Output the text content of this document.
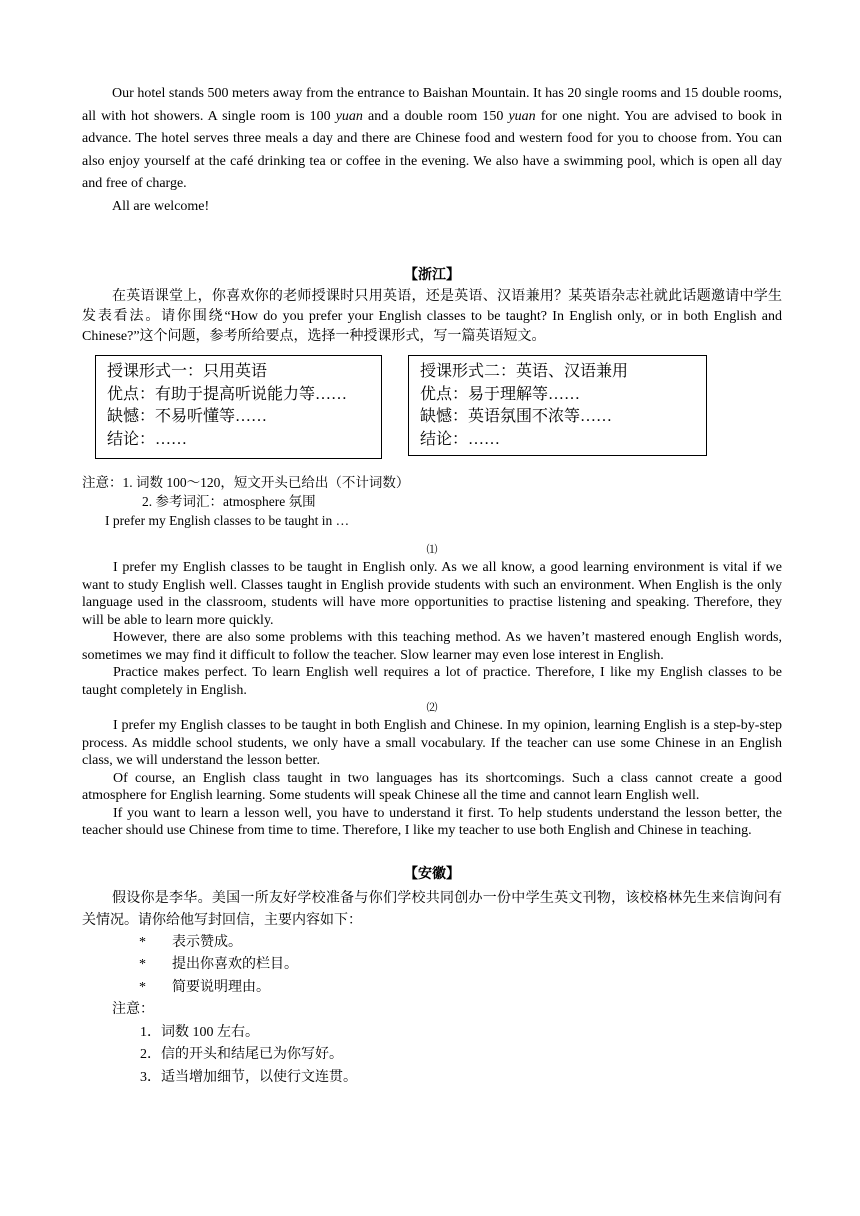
Our hotel stands 500 meters away from the entrance to Baishan Mountain. It has 20 single rooms and 15 double rooms, all with hot showers. A single room is 100 yuan and a double room 150 yuan for one night. You are advised to book in advance. The hotel serves three meals a day and there are Chinese food and western food for you to choose from. You can also enjoy yourself at the café drinking tea or coffee in the evening. We also have a swimming pool, which is open all day and free of charge.

All are welcome!

【浙江】

在英语课堂上，你喜欢你的老师授课时只用英语，还是英语、汉语兼用？某英语杂志社就此话题邀请中学生发表看法。请你围绕“How do you prefer your English classes to be taught? In English only, or in both English and Chinese?”这个问题，参考所给要点，选择一种授课形式，写一篇英语短文。

授课形式一：只用英语
优点：有助于提高听说能力等……
缺憾：不易听懂等……
结论：……
授课形式二：英语、汉语兼用
优点：易于理解等……
缺憾：英语氛围不浓等……
结论：……

注意：1. 词数 100～120，短文开头已给出（不计词数）

2. 参考词汇：atmosphere 氛围

I prefer my English classes to be taught in …

⑴

I prefer my English classes to be taught in English only. As we all know, a good learning environment is vital if we want to study English well. Classes taught in English provide students with such an environment. When English is the only language used in the classroom, students will have more opportunities to practise listening and speaking. Therefore, they will be able to learn more quickly.

However, there are also some problems with this teaching method. As we haven’t mastered enough English words, sometimes we may find it difficult to follow the teacher. Slow learner may even lose interest in English.

Practice makes perfect. To learn English well requires a lot of practice. Therefore, I like my English classes to be taught completely in English.

⑵

I prefer my English classes to be taught in both English and Chinese. In my opinion, learning English is a step-by-step process. As middle school students, we only have a small vocabulary. If the teacher can use some Chinese in an English class, we will understand the lesson better.

Of course, an English class taught in two languages has its shortcomings. Such a class cannot create a good atmosphere for English learning. Some students will speak Chinese all the time and cannot learn English well.

If you want to learn a lesson well, you have to understand it first. To help students understand the lesson better, the teacher should use Chinese from time to time. Therefore, I like my teacher to use both English and Chinese in teaching.

【安徽】

假设你是李华。美国一所友好学校准备与你们学校共同创办一份中学生英文刊物，该校格林先生来信询问有关情况。请你给他写封回信，主要内容如下：

* 表示赞成。

* 提出你喜欢的栏目。

* 简要说明理由。

注意：

1．词数 100 左右。

2．信的开头和结尾已为你写好。

3．适当增加细节，以使行文连贯。
